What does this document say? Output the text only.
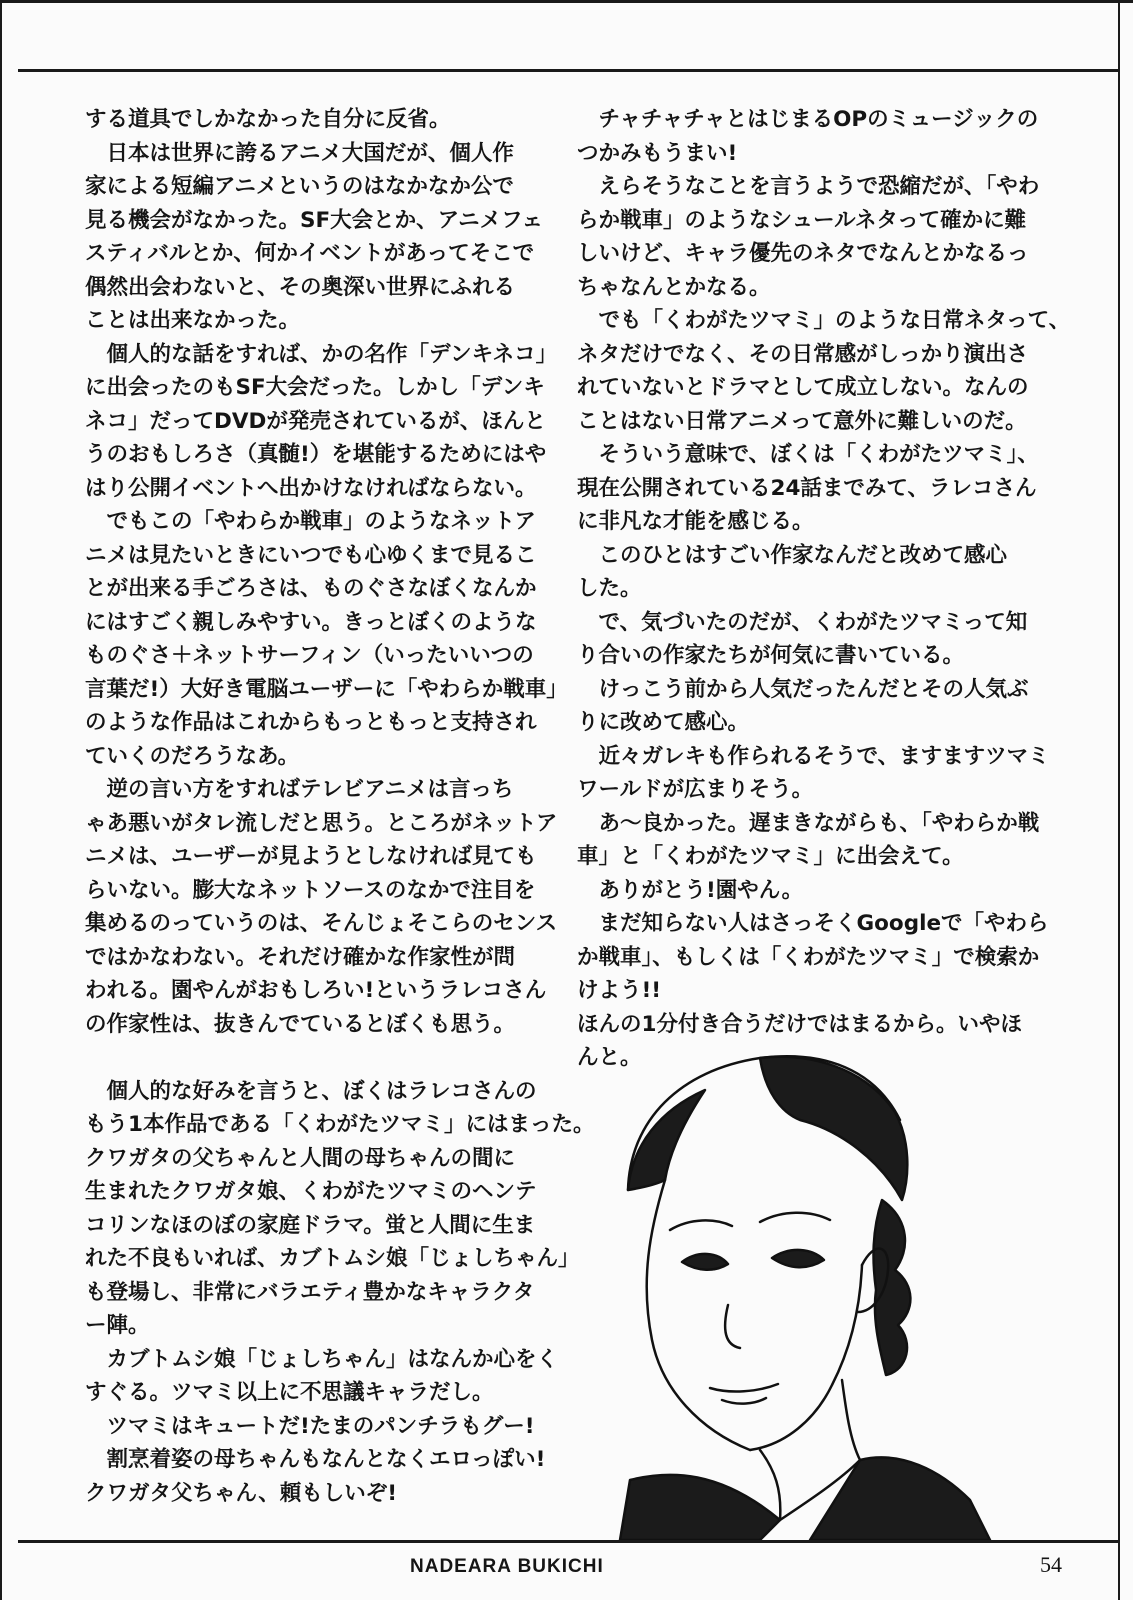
する道具でしかなかった自分に反省。

　日本は世界に誇るアニメ大国だが、個人作

家による短編アニメというのはなかなか公で

見る機会がなかった。SF大会とか、アニメフェ

スティバルとか、何かイベントがあってそこで

偶然出会わないと、その奥深い世界にふれる

ことは出来なかった。

　個人的な話をすれば、かの名作「デンキネコ」

に出会ったのもSF大会だった。しかし「デンキ

ネコ」だってDVDが発売されているが、ほんと

うのおもしろさ（真髄!）を堪能するためにはや

はり公開イベントへ出かけなければならない。

　でもこの「やわらか戦車」のようなネットア

ニメは見たいときにいつでも心ゆくまで見るこ

とが出来る手ごろさは、ものぐさなぼくなんか

にはすごく親しみやすい。きっとぼくのような

ものぐさ＋ネットサーフィン（いったいいつの

言葉だ!）大好き電脳ユーザーに「やわらか戦車」

のような作品はこれからもっともっと支持され

ていくのだろうなあ。

　逆の言い方をすればテレビアニメは言っち

ゃあ悪いがタレ流しだと思う。ところがネットア

ニメは、ユーザーが見ようとしなければ見ても

らいない。膨大なネットソースのなかで注目を

集めるのっていうのは、そんじょそこらのセンス

ではかなわない。それだけ確かな作家性が問

われる。園やんがおもしろい!というラレコさん

の作家性は、抜きんでているとぼくも思う。

　個人的な好みを言うと、ぼくはラレコさんの

もう1本作品である「くわがたツマミ」にはまった。

クワガタの父ちゃんと人間の母ちゃんの間に

生まれたクワガタ娘、くわがたツマミのヘンテ

コリンなほのぼの家庭ドラマ。蛍と人間に生ま

れた不良もいれば、カブトムシ娘「じょしちゃん」

も登場し、非常にバラエティ豊かなキャラクタ

ー陣。

　カブトムシ娘「じょしちゃん」はなんか心をく

すぐる。ツマミ以上に不思議キャラだし。

　ツマミはキュートだ!たまのパンチラもグー!

　割烹着姿の母ちゃんもなんとなくエロっぽい!

クワガタ父ちゃん、頼もしいぞ!

　チャチャチャとはじまるOPのミュージックの

つかみもうまい!

　えらそうなことを言うようで恐縮だが、「やわ

らか戦車」のようなシュールネタって確かに難

しいけど、キャラ優先のネタでなんとかなるっ

ちゃなんとかなる。

　でも「くわがたツマミ」のような日常ネタって、

ネタだけでなく、その日常感がしっかり演出さ

れていないとドラマとして成立しない。なんの

ことはない日常アニメって意外に難しいのだ。

　そういう意味で、ぼくは「くわがたツマミ」、

現在公開されている24話までみて、ラレコさん

に非凡な才能を感じる。

　このひとはすごい作家なんだと改めて感心

した。

　で、気づいたのだが、くわがたツマミって知

り合いの作家たちが何気に書いている。

　けっこう前から人気だったんだとその人気ぶ

りに改めて感心。

　近々ガレキも作られるそうで、ますますツマミ

ワールドが広まりそう。

　あ〜良かった。遅まきながらも、「やわらか戦

車」と「くわがたツマミ」に出会えて。

　ありがとう!園やん。

　まだ知らない人はさっそくGoogleで「やわら

か戦車」、もしくは「くわがたツマミ」で検索か

けよう!!

ほんの1分付き合うだけではまるから。いやほ

んと。

NADEARA BUKICHI	54
